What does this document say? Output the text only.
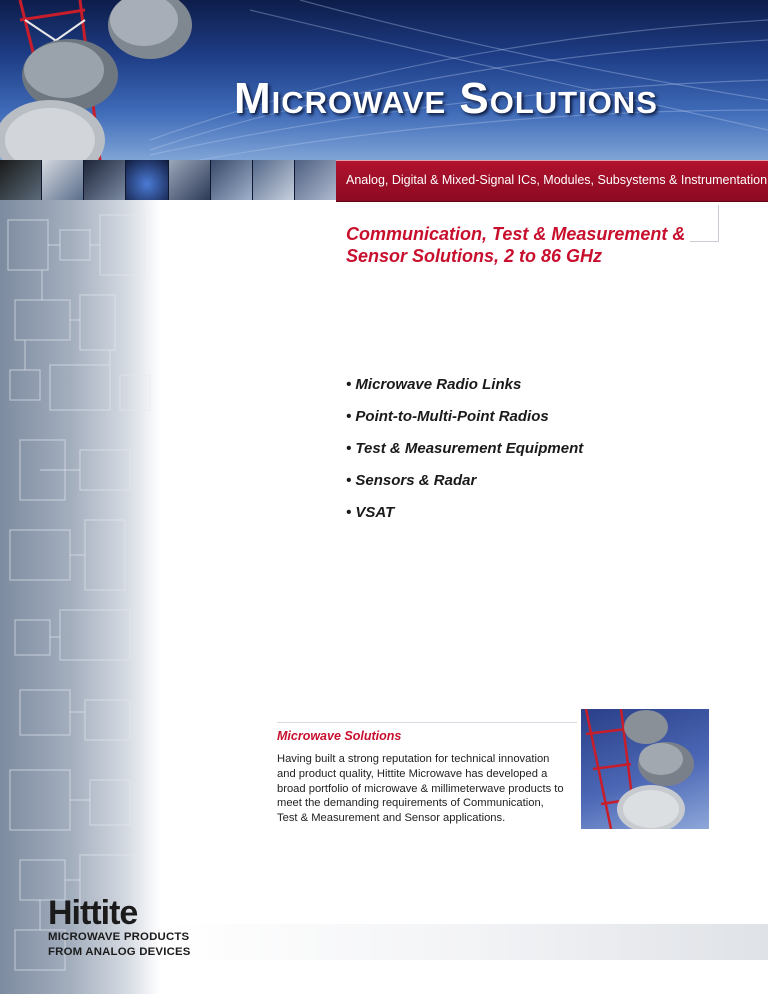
Microwave Solutions
Analog, Digital & Mixed-Signal ICs, Modules, Subsystems & Instrumentation
Communication, Test & Measurement & Sensor Solutions, 2 to 86 GHz
• Microwave Radio Links
• Point-to-Multi-Point Radios
• Test & Measurement Equipment
• Sensors & Radar
• VSAT
Microwave Solutions
Having built a strong reputation for technical innovation and product quality, Hittite Microwave has developed a broad portfolio of microwave & millimeterwave products to meet the demanding requirements of Communication, Test & Measurement and Sensor applications.
Hittite
MICROWAVE PRODUCTS
FROM ANALOG DEVICES
